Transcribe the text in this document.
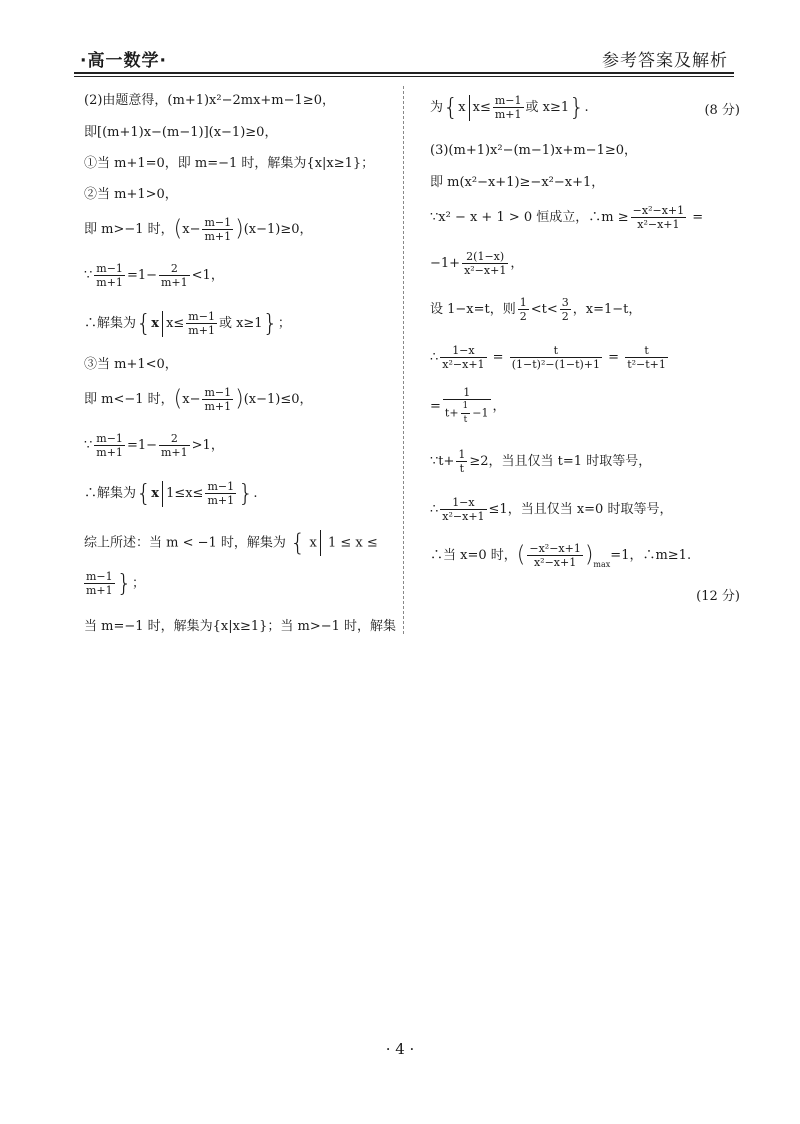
·高一数学·	参考答案及解析
(2)由题意得，(m+1)x²−2mx+m−1≥0，
即[(m+1)x−(m−1)](x−1)≥0，
①当 m+1=0，即 m=−1 时，解集为{x|x≥1}；
②当 m+1>0，
即 m>−1 时，$(x- \frac{m-1}{m+1} )(x-1)\ge 0$，
∵ $\frac{m-1}{m+1} =1- \frac{2}{m+1} <1$，
∴解集为{x $x\le \frac{m-1}{m+1}$ 或 x≥1}；
③当 m+1<0，
即 m<−1 时，$(x- \frac{m-1}{m+1} )(x-1)\le 0$，
∵ $\frac{m-1}{m+1} =1- \frac{2}{m+1} >1$，
∴解集为{x $1\le x\le \frac{m-1}{m+1}$ }.
综上所述：当 m < −1 时，解集为 { x 1 ≤ x ≤
$\frac{m-1}{m+1}$ }；
当 m=−1 时，解集为{x|x≥1}；当 m>−1 时，解集
为{x $x\le \frac{m-1}{m+1}$ 或 x≥1}.	(8 分)
(3)(m+1)x²−(m−1)x+m−1≥0，
即 m(x²−x+1)≥−x²−x+1，
∵x² − x + 1 > 0 恒成立，∴m ≥ $\frac{\text{−x²−x+1}}{\text{x²−x+1}}$ =
$-1+ \frac{2(1-x)}{\text{x²−x+1}}$ ，
设 1−x=t，则 $\frac{1}{2} <t< \frac{3}{2}$ ，x=1−t，
∴ $\frac{1-x}{\text{x²−x+1}} = \frac{t}{\text{(1−t)²−(1−t)+1}} = \frac{t}{\text{t²−t+1}}$
= $\frac{1}{t+ \frac{1}{t} -1}$ ，
∵t+ $\frac{1}{t} \ge 2$，当且仅当 t=1 时取等号，
∴ $\frac{1-x}{\text{x²−x+1}} \le 1$，当且仅当 x=0 时取等号，
∴当 x=0 时，( $\frac{\text{−x²−x+1}}{\text{x²−x+1}} )_{max}=1$，∴m≥1.
(12 分)
· 4 ·
